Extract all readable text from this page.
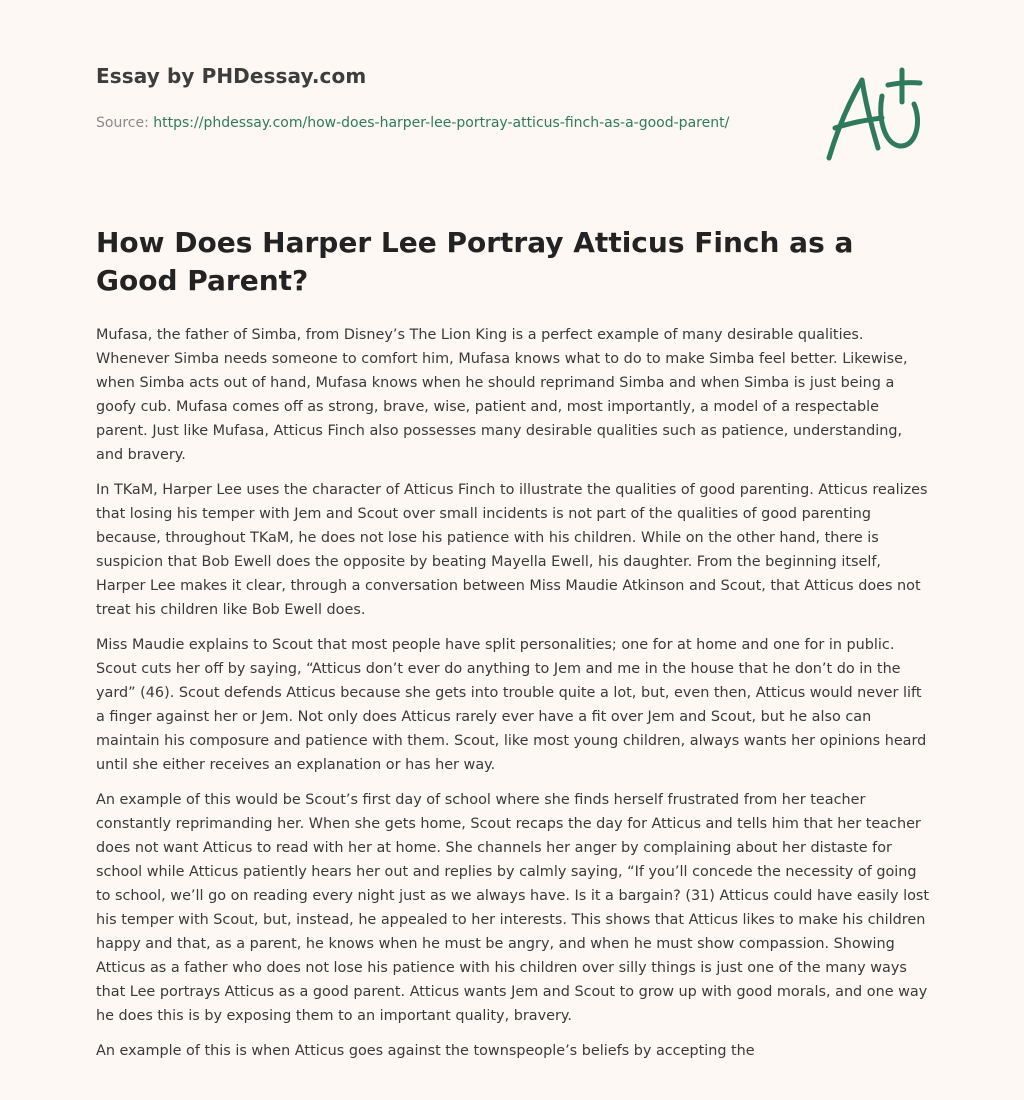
Essay by PHDessay.com
Source: https://phdessay.com/how-does-harper-lee-portray-atticus-finch-as-a-good-parent/
How Does Harper Lee Portray Atticus Finch as a Good Parent?

Mufasa, the father of Simba, from Disney’s The Lion King is a perfect example of many desirable qualities. Whenever Simba needs someone to comfort him, Mufasa knows what to do to make Simba feel better. Likewise, when Simba acts out of hand, Mufasa knows when he should reprimand Simba and when Simba is just being a goofy cub. Mufasa comes off as strong, brave, wise, patient and, most importantly, a model of a respectable parent. Just like Mufasa, Atticus Finch also possesses many desirable qualities such as patience, understanding, and bravery.

In TKaM, Harper Lee uses the character of Atticus Finch to illustrate the qualities of good parenting. Atticus realizes that losing his temper with Jem and Scout over small incidents is not part of the qualities of good parenting because, throughout TKaM, he does not lose his patience with his children. While on the other hand, there is suspicion that Bob Ewell does the opposite by beating Mayella Ewell, his daughter. From the beginning itself, Harper Lee makes it clear, through a conversation between Miss Maudie Atkinson and Scout, that Atticus does not treat his children like Bob Ewell does.

Miss Maudie explains to Scout that most people have split personalities; one for at home and one for in public. Scout cuts her off by saying, “Atticus don’t ever do anything to Jem and me in the house that he don’t do in the yard” (46). Scout defends Atticus because she gets into trouble quite a lot, but, even then, Atticus would never lift a finger against her or Jem. Not only does Atticus rarely ever have a fit over Jem and Scout, but he also can maintain his composure and patience with them. Scout, like most young children, always wants her opinions heard until she either receives an explanation or has her way.

An example of this would be Scout’s first day of school where she finds herself frustrated from her teacher constantly reprimanding her. When she gets home, Scout recaps the day for Atticus and tells him that her teacher does not want Atticus to read with her at home. She channels her anger by complaining about her distaste for school while Atticus patiently hears her out and replies by calmly saying, “If you’ll concede the necessity of going to school, we’ll go on reading every night just as we always have. Is it a bargain? (31) Atticus could have easily lost his temper with Scout, but, instead, he appealed to her interests. This shows that Atticus likes to make his children happy and that, as a parent, he knows when he must be angry, and when he must show compassion. Showing Atticus as a father who does not lose his patience with his children over silly things is just one of the many ways that Lee portrays Atticus as a good parent. Atticus wants Jem and Scout to grow up with good morals, and one way he does this is by exposing them to an important quality, bravery.

An example of this is when Atticus goes against the townspeople’s beliefs by accepting the
